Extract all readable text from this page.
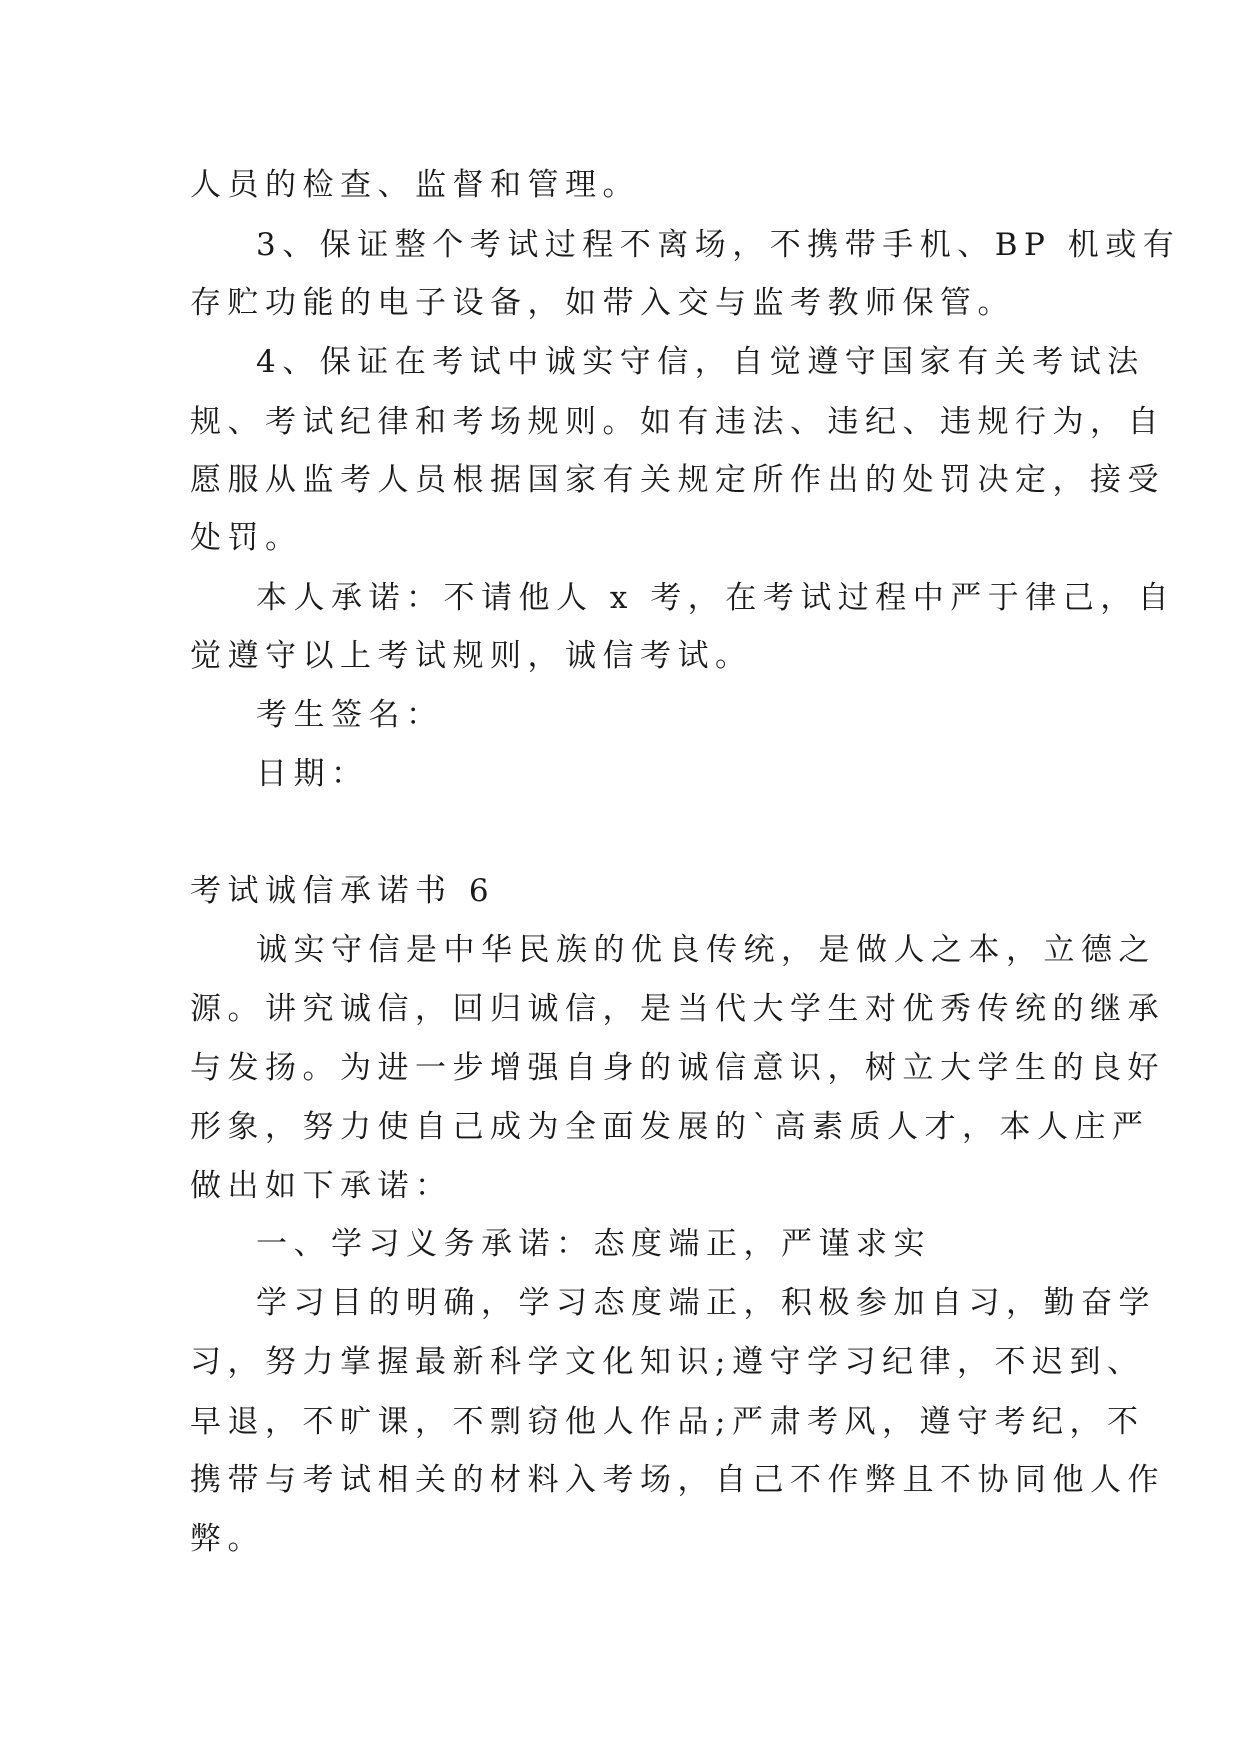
人员的检查、监督和管理。
3、保证整个考试过程不离场，不携带手机、BP 机或有
存贮功能的电子设备，如带入交与监考教师保管。
4、保证在考试中诚实守信，自觉遵守国家有关考试法
规、考试纪律和考场规则。如有违法、违纪、违规行为，自
愿服从监考人员根据国家有关规定所作出的处罚决定，接受
处罚。
本人承诺：不请他人 x 考，在考试过程中严于律己，自
觉遵守以上考试规则，诚信考试。
考生签名：
日期：
考试诚信承诺书 6
诚实守信是中华民族的优良传统，是做人之本，立德之
源。讲究诚信，回归诚信，是当代大学生对优秀传统的继承
与发扬。为进一步增强自身的诚信意识，树立大学生的良好
形象，努力使自己成为全面发展的`高素质人才，本人庄严
做出如下承诺：
一、学习义务承诺：态度端正，严谨求实
学习目的明确，学习态度端正，积极参加自习，勤奋学
习，努力掌握最新科学文化知识;遵守学习纪律，不迟到、
早退，不旷课，不剽窃他人作品;严肃考风，遵守考纪，不
携带与考试相关的材料入考场，自己不作弊且不协同他人作
弊。
